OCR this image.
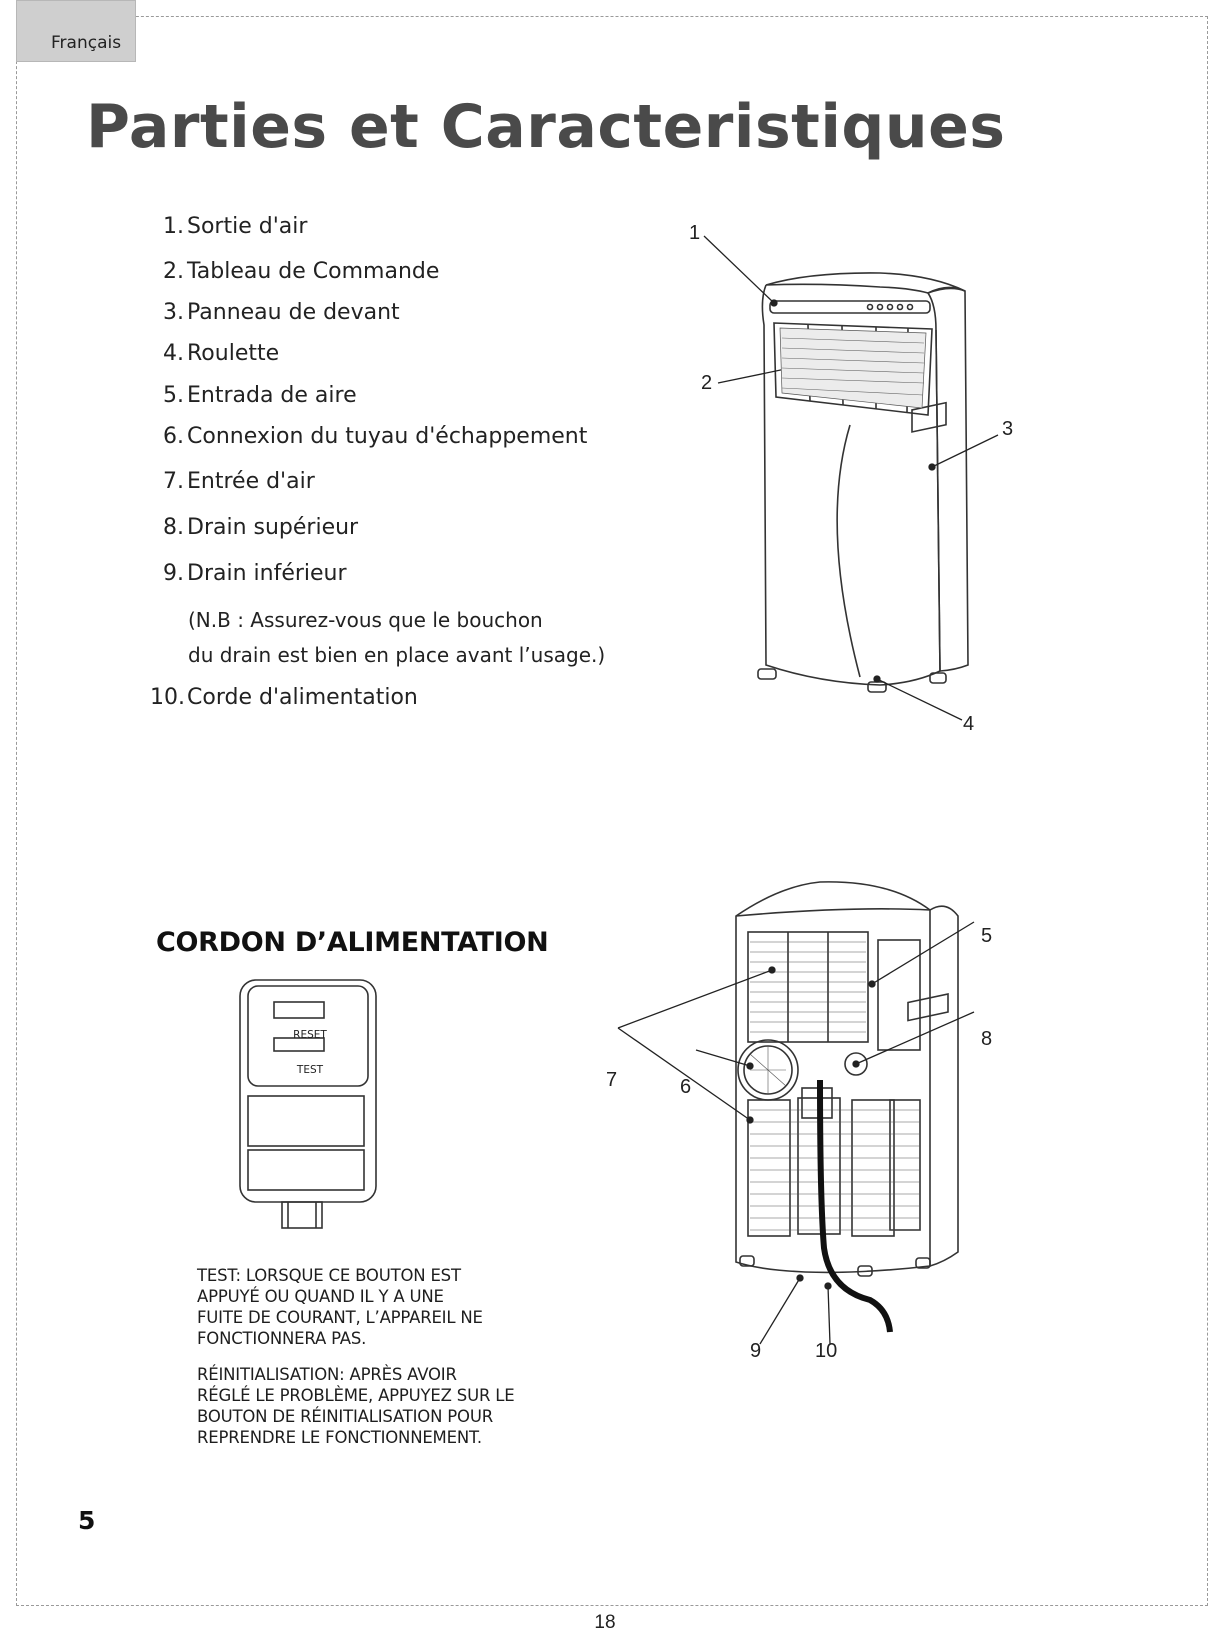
Français
Parties et Caracteristiques
1. Sortie d'air
2. Tableau de Commande
3. Panneau de devant
4. Roulette
5. Entrada de aire
6. Connexion du tuyau d'échappement
7. Entrée d'air
8. Drain supérieur
9. Drain inférieur
10.Corde d'alimentation
(N.B : Assurez-vous que le bouchon
du drain est bien en place avant l’usage.)
1
2
3
4
CORDON D’ALIMENTATION
RESET
TEST
TEST: LORSQUE CE BOUTON EST
APPUYÉ OU QUAND IL Y A UNE
FUITE DE COURANT, L’APPAREIL NE
FONCTIONNERA PAS.
RÉINITIALISATION: APRÈS AVOIR
RÉGLÉ LE PROBLÈME, APPUYEZ SUR LE
BOUTON DE RÉINITIALISATION POUR
REPRENDRE LE FONCTIONNEMENT.
5
7	6
8
9	10
5
18
